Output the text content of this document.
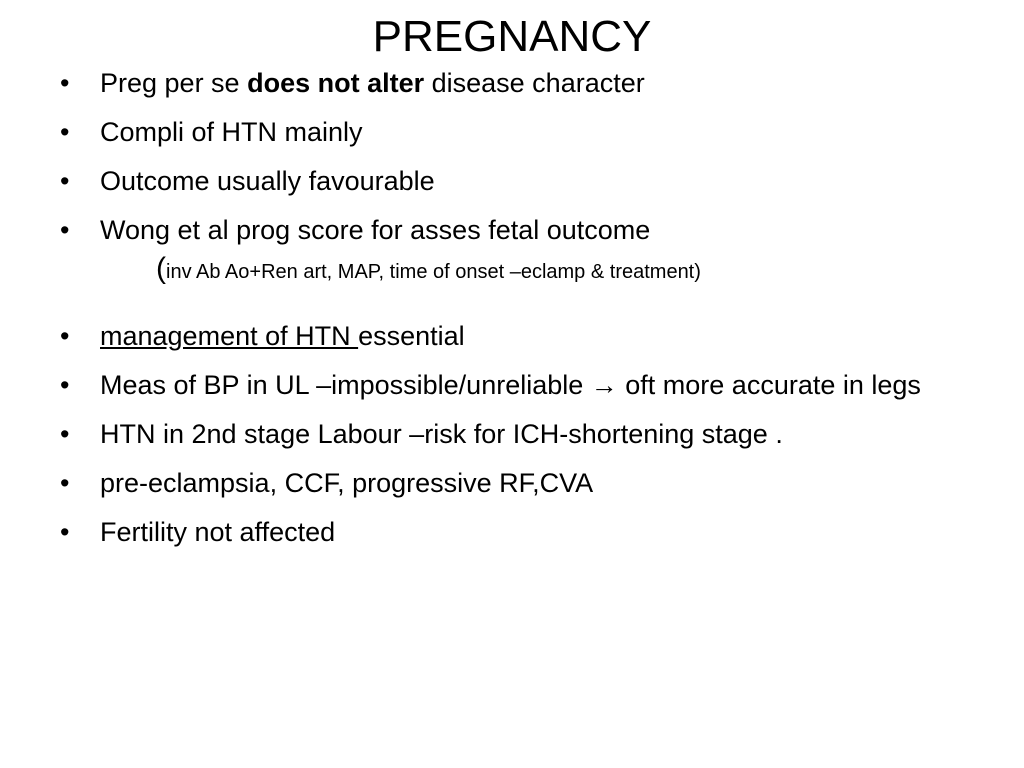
PREGNANCY
• Preg per se does not alter disease character
• Compli of HTN mainly
• Outcome usually favourable
• Wong et al prog score for asses fetal outcome
(inv Ab Ao+Ren art, MAP, time of onset –eclamp & treatment)
• management of HTN essential
• Meas of BP in UL –impossible/unreliable → oft more accurate in legs
• HTN in 2nd stage Labour –risk for ICH-shortening stage .
• pre-eclampsia, CCF, progressive RF,CVA
• Fertility not affected
